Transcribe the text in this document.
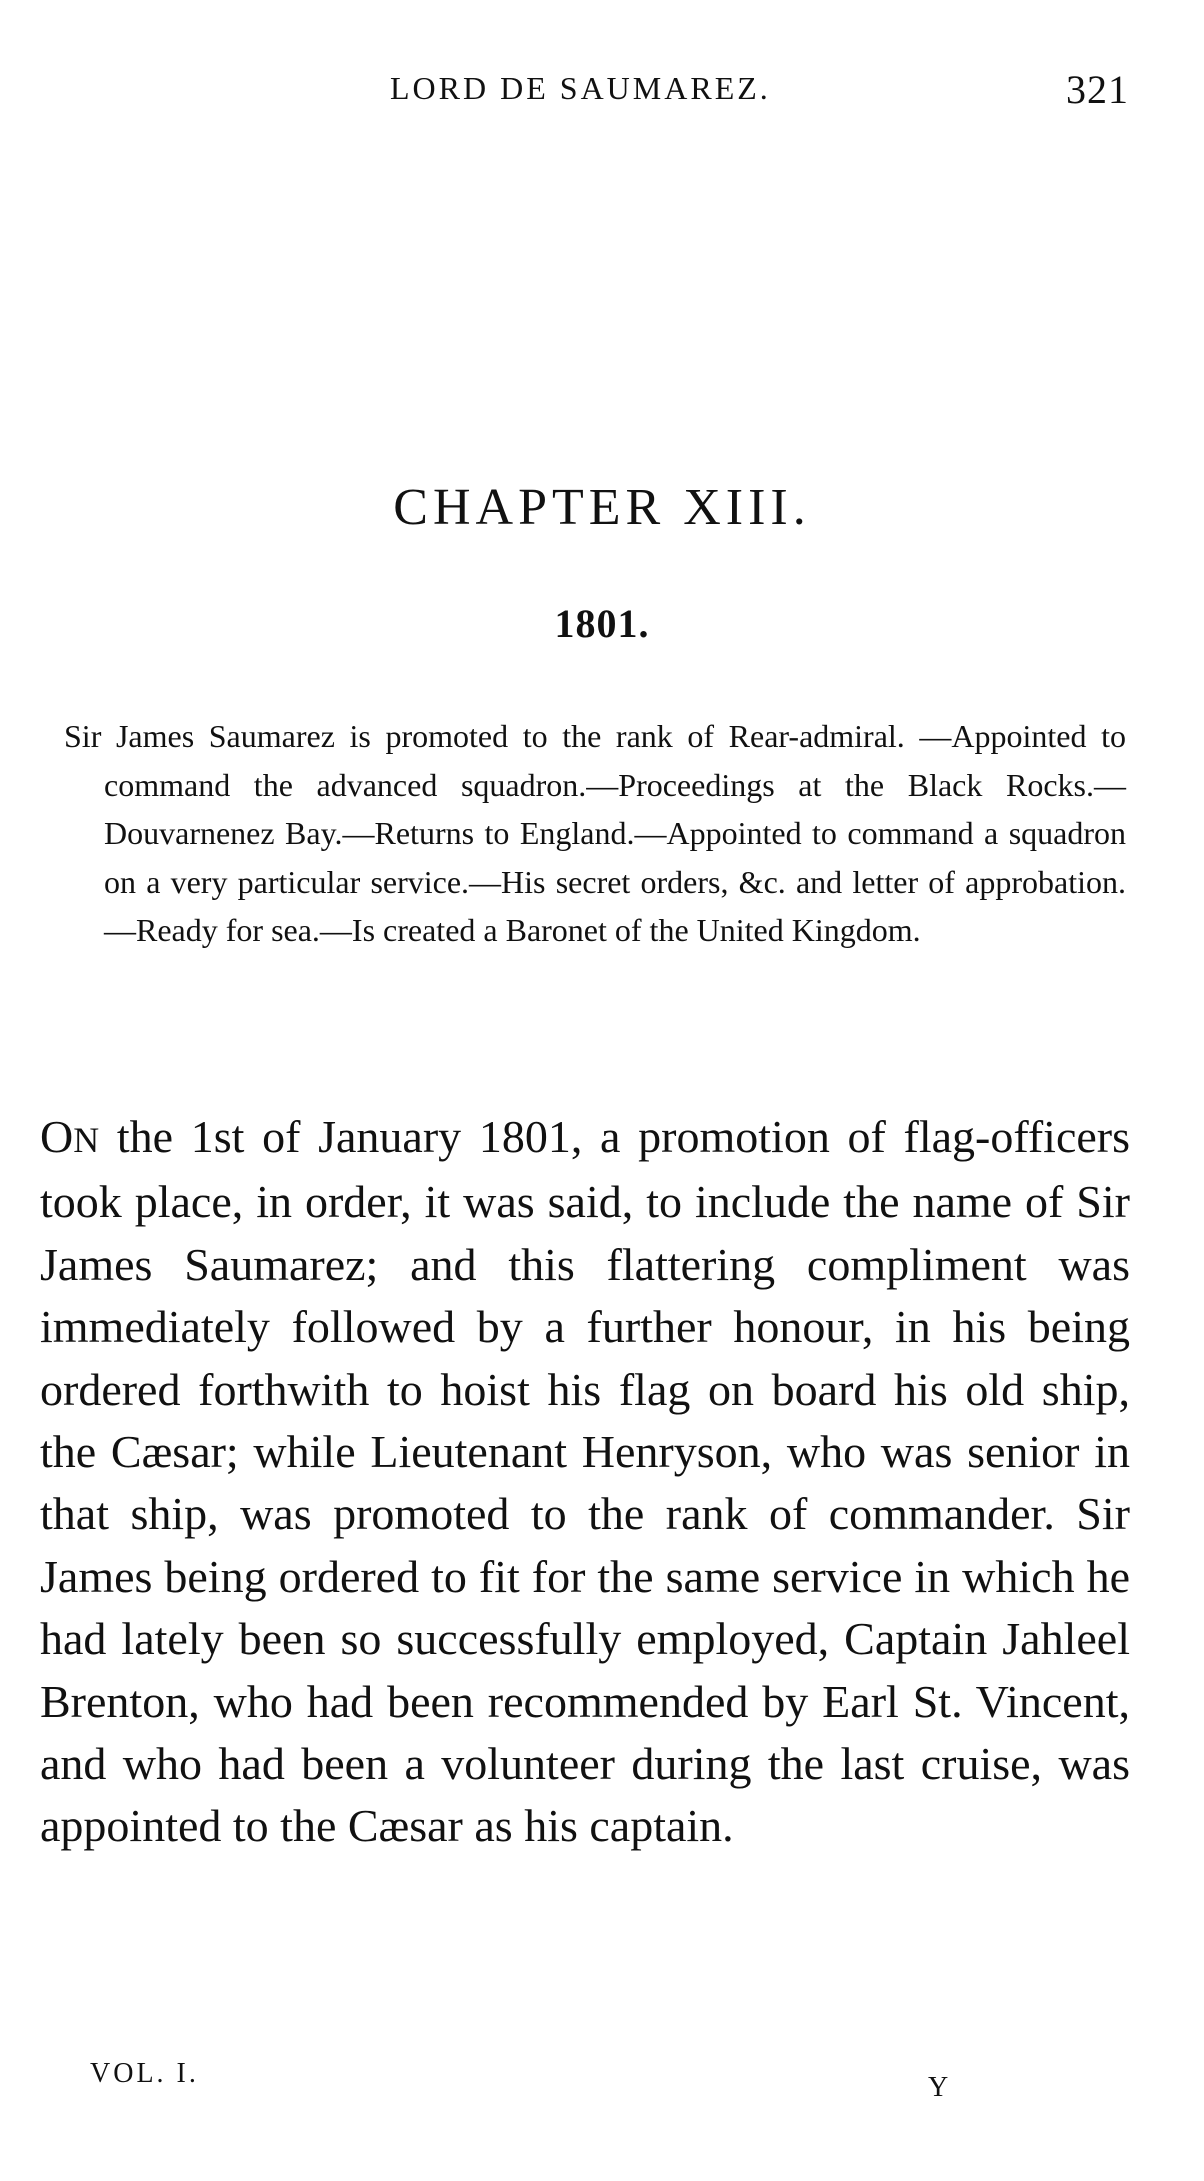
LORD DE SAUMAREZ.	321
CHAPTER XIII.
1801.
Sir James Saumarez is promoted to the rank of Rear-admiral. —Appointed to command the advanced squadron.—Proceedings at the Black Rocks.—Douvarnenez Bay.—Returns to England.—Appointed to command a squadron on a very particular service.—His secret orders, &c. and letter of approbation.—Ready for sea.—Is created a Baronet of the United Kingdom.
ON the 1st of January 1801, a promotion of flag-officers took place, in order, it was said, to include the name of Sir James Saumarez; and this flattering compliment was immediately followed by a further honour, in his being ordered forthwith to hoist his flag on board his old ship, the Cæsar; while Lieutenant Henryson, who was senior in that ship, was promoted to the rank of commander. Sir James being ordered to fit for the same service in which he had lately been so successfully employed, Captain Jahleel Brenton, who had been recommended by Earl St. Vincent, and who had been a volunteer during the last cruise, was appointed to the Cæsar as his captain.
VOL. I.	Y
